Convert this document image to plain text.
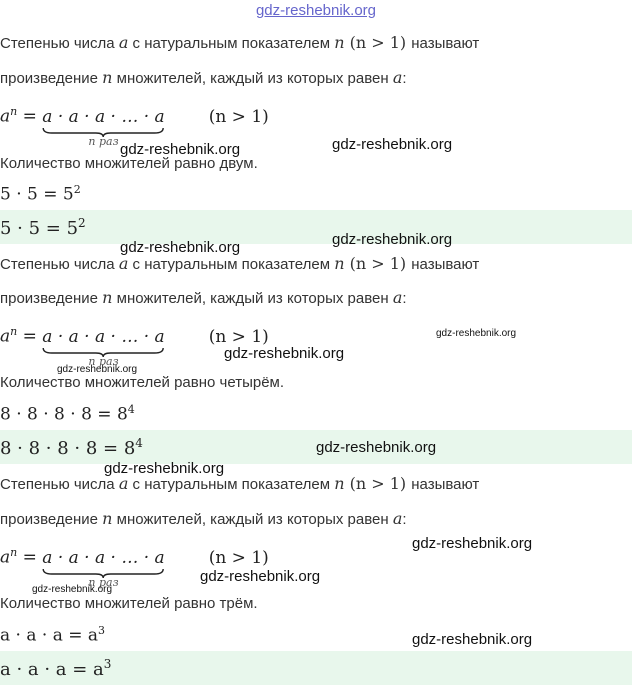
gdz-reshebnik.org
Степенью числа a с натуральным показателем n (n > 1) называют
произведение n множителей, каждый из которых равен a:
$a^n = a \cdot a \cdot a$ · … · a
n раз
(n > 1)
gdz-reshebnik.org
gdz-reshebnik.org
Количество множителей равно двум.
$5 \cdot 5 = 5^2$
$5 \cdot 5 = 5^2$
gdz-reshebnik.org
gdz-reshebnik.org
Степенью числа a с натуральным показателем n (n > 1) называют
произведение n множителей, каждый из которых равен a:
$a^n = a \cdot a \cdot a$ · … · a
n раз
(n > 1)	gdz-reshebnik.org
gdz-reshebnik.org
gdz-reshebnik.org
Количество множителей равно четырём.
$8 \cdot 8 \cdot 8 \cdot 8 = 8^4$
$8 \cdot 8 \cdot 8 \cdot 8 = 8^4$	gdz-reshebnik.org
gdz-reshebnik.org
Степенью числа a с натуральным показателем n (n > 1) называют
произведение n множителей, каждый из которых равен a:
gdz-reshebnik.org
$a^n = a \cdot a \cdot a$ · … · a
n раз
(n > 1)
gdz-reshebnik.org
gdz-reshebnik.org
Количество множителей равно трём.
$a \cdot a \cdot a = a^3$
gdz-reshebnik.org
$a \cdot a \cdot a = a^3$
